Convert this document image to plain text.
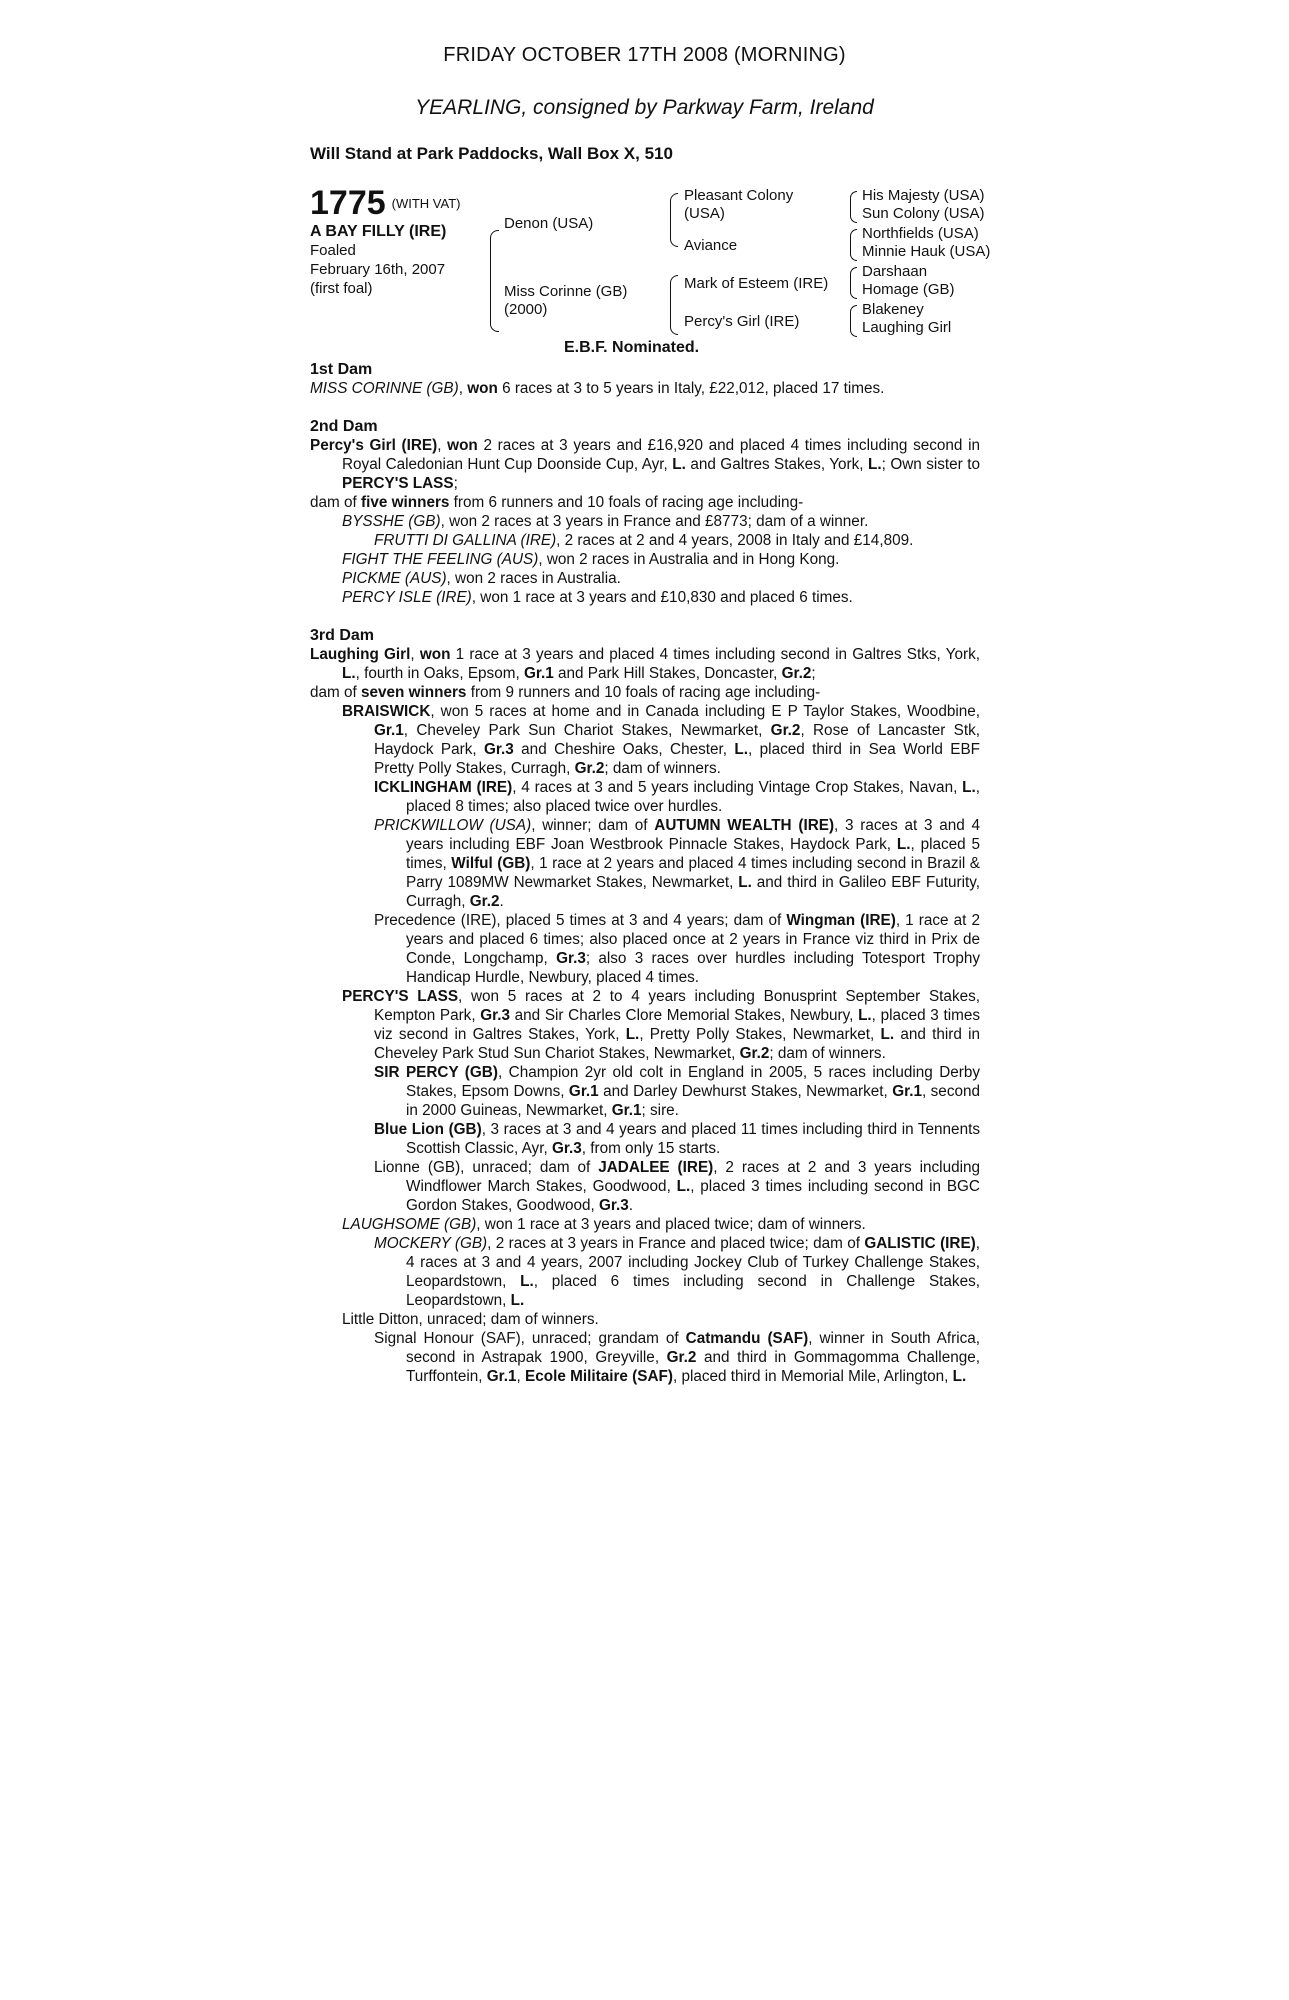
FRIDAY OCTOBER 17TH 2008 (MORNING)
YEARLING, consigned by Parkway Farm, Ireland
Will Stand at Park Paddocks, Wall Box X, 510
1775 $^{(WITH VAT)}$
A BAY FILLY (IRE)
Foaled
February 16th, 2007
(first foal)
Denon (USA)
Miss Corinne (GB)
(2000)
Pleasant Colony
(USA)
Aviance
Mark of Esteem (IRE)
Percy's Girl (IRE)
His Majesty (USA)
Sun Colony (USA)
Northfields (USA)
Minnie Hauk (USA)
Darshaan
Homage (GB)
Blakeney
Laughing Girl
E.B.F. Nominated.

1st Dam

MISS CORINNE (GB), won 6 races at 3 to 5 years in Italy, £22,012, placed 17 times.

2nd Dam

Percy's Girl (IRE), won 2 races at 3 years and £16,920 and placed 4 times including second in Royal Caledonian Hunt Cup Doonside Cup, Ayr, L. and Galtres Stakes, York, L.; Own sister to PERCY'S LASS;

dam of five winners from 6 runners and 10 foals of racing age including-

BYSSHE (GB), won 2 races at 3 years in France and £8773; dam of a winner.

FRUTTI DI GALLINA (IRE), 2 races at 2 and 4 years, 2008 in Italy and £14,809.

FIGHT THE FEELING (AUS), won 2 races in Australia and in Hong Kong.

PICKME (AUS), won 2 races in Australia.

PERCY ISLE (IRE), won 1 race at 3 years and £10,830 and placed 6 times.

3rd Dam

Laughing Girl, won 1 race at 3 years and placed 4 times including second in Galtres Stks, York, L., fourth in Oaks, Epsom, Gr.1 and Park Hill Stakes, Doncaster, Gr.2;

dam of seven winners from 9 runners and 10 foals of racing age including-

BRAISWICK, won 5 races at home and in Canada including E P Taylor Stakes, Woodbine, Gr.1, Cheveley Park Sun Chariot Stakes, Newmarket, Gr.2, Rose of Lancaster Stk, Haydock Park, Gr.3 and Cheshire Oaks, Chester, L., placed third in Sea World EBF Pretty Polly Stakes, Curragh, Gr.2; dam of winners.

ICKLINGHAM (IRE), 4 races at 3 and 5 years including Vintage Crop Stakes, Navan, L., placed 8 times; also placed twice over hurdles.

PRICKWILLOW (USA), winner; dam of AUTUMN WEALTH (IRE), 3 races at 3 and 4 years including EBF Joan Westbrook Pinnacle Stakes, Haydock Park, L., placed 5 times, Wilful (GB), 1 race at 2 years and placed 4 times including second in Brazil & Parry 1089MW Newmarket Stakes, Newmarket, L. and third in Galileo EBF Futurity, Curragh, Gr.2.

Precedence (IRE), placed 5 times at 3 and 4 years; dam of Wingman (IRE), 1 race at 2 years and placed 6 times; also placed once at 2 years in France viz third in Prix de Conde, Longchamp, Gr.3; also 3 races over hurdles including Totesport Trophy Handicap Hurdle, Newbury, placed 4 times.

PERCY'S LASS, won 5 races at 2 to 4 years including Bonusprint September Stakes, Kempton Park, Gr.3 and Sir Charles Clore Memorial Stakes, Newbury, L., placed 3 times viz second in Galtres Stakes, York, L., Pretty Polly Stakes, Newmarket, L. and third in Cheveley Park Stud Sun Chariot Stakes, Newmarket, Gr.2; dam of winners.

SIR PERCY (GB), Champion 2yr old colt in England in 2005, 5 races including Derby Stakes, Epsom Downs, Gr.1 and Darley Dewhurst Stakes, Newmarket, Gr.1, second in 2000 Guineas, Newmarket, Gr.1; sire.

Blue Lion (GB), 3 races at 3 and 4 years and placed 11 times including third in Tennents Scottish Classic, Ayr, Gr.3, from only 15 starts.

Lionne (GB), unraced; dam of JADALEE (IRE), 2 races at 2 and 3 years including Windflower March Stakes, Goodwood, L., placed 3 times including second in BGC Gordon Stakes, Goodwood, Gr.3.

LAUGHSOME (GB), won 1 race at 3 years and placed twice; dam of winners.

MOCKERY (GB), 2 races at 3 years in France and placed twice; dam of GALISTIC (IRE), 4 races at 3 and 4 years, 2007 including Jockey Club of Turkey Challenge Stakes, Leopardstown, L., placed 6 times including second in Challenge Stakes, Leopardstown, L.

Little Ditton, unraced; dam of winners.

Signal Honour (SAF), unraced; grandam of Catmandu (SAF), winner in South Africa, second in Astrapak 1900, Greyville, Gr.2 and third in Gommagomma Challenge, Turffontein, Gr.1, Ecole Militaire (SAF), placed third in Memorial Mile, Arlington, L.
